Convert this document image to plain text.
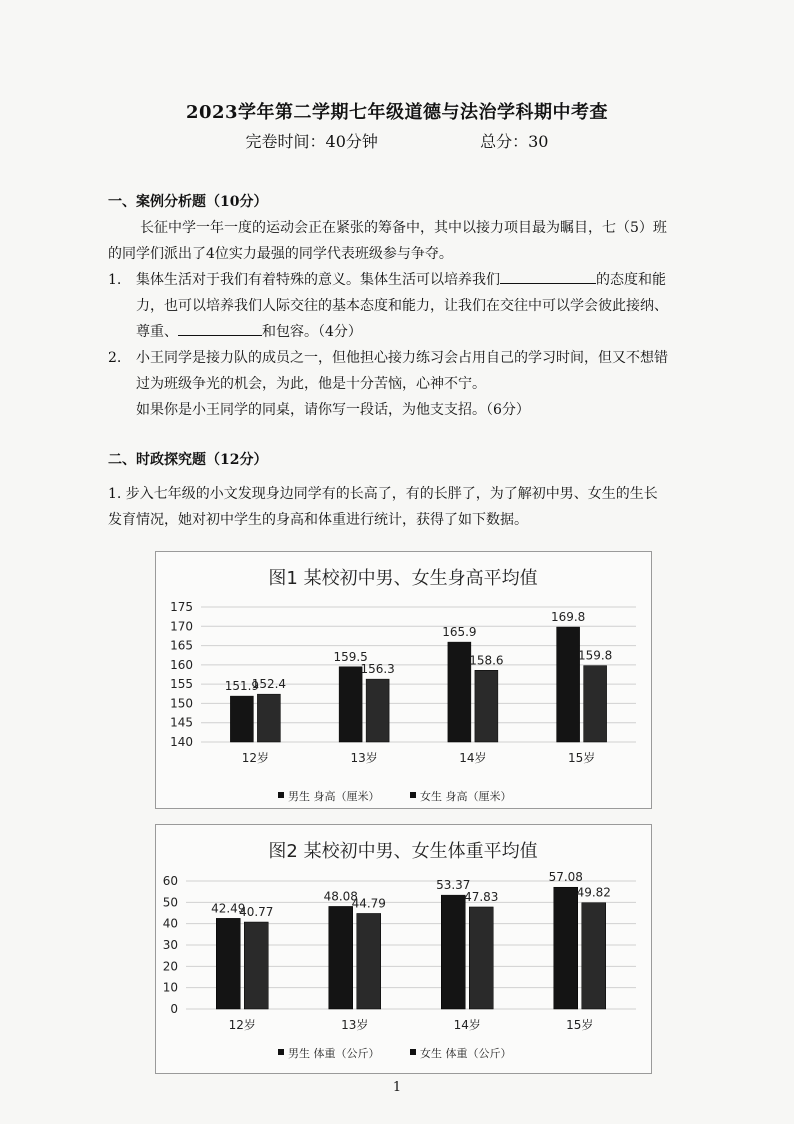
2023学年第二学期七年级道德与法治学科期中考查
完卷时间：40分钟	总分：30
一、案例分析题（10分）
长征中学一年一度的运动会正在紧张的筹备中，其中以接力项目最为瞩目，七（5）班
的同学们派出了4位实力最强的同学代表班级参与争夺。
1. 集体生活对于我们有着特殊的意义。集体生活可以培养我们	的态度和能
力，也可以培养我们人际交往的基本态度和能力，让我们在交往中可以学会彼此接纳、
尊重、	和包容。（4分）
2. 小王同学是接力队的成员之一，但他担心接力练习会占用自己的学习时间，但又不想错
过为班级争光的机会，为此，他是十分苦恼，心神不宁。
如果你是小王同学的同桌，请你写一段话，为他支支招。（6分）
二、时政探究题（12分）
1. 步入七年级的小文发现身边同学有的长高了，有的长胖了，为了解初中男、女生的生长
发育情况，她对初中学生的身高和体重进行统计，获得了如下数据。
图1 某校初中男、女生身高平均值
140
145
150
155
160
165
170
175
151.9
152.4
12岁
159.5
156.3
13岁
165.9
158.6
14岁
169.8
159.8
15岁
男生 身高（厘米）	女生 身高（厘米）
图2 某校初中男、女生体重平均值
0
10
20
30
40
50
60
42.49
40.77
12岁
48.08
44.79
13岁
53.37
47.83
14岁
57.08
49.82
15岁
男生 体重（公斤）	女生 体重（公斤）
1
